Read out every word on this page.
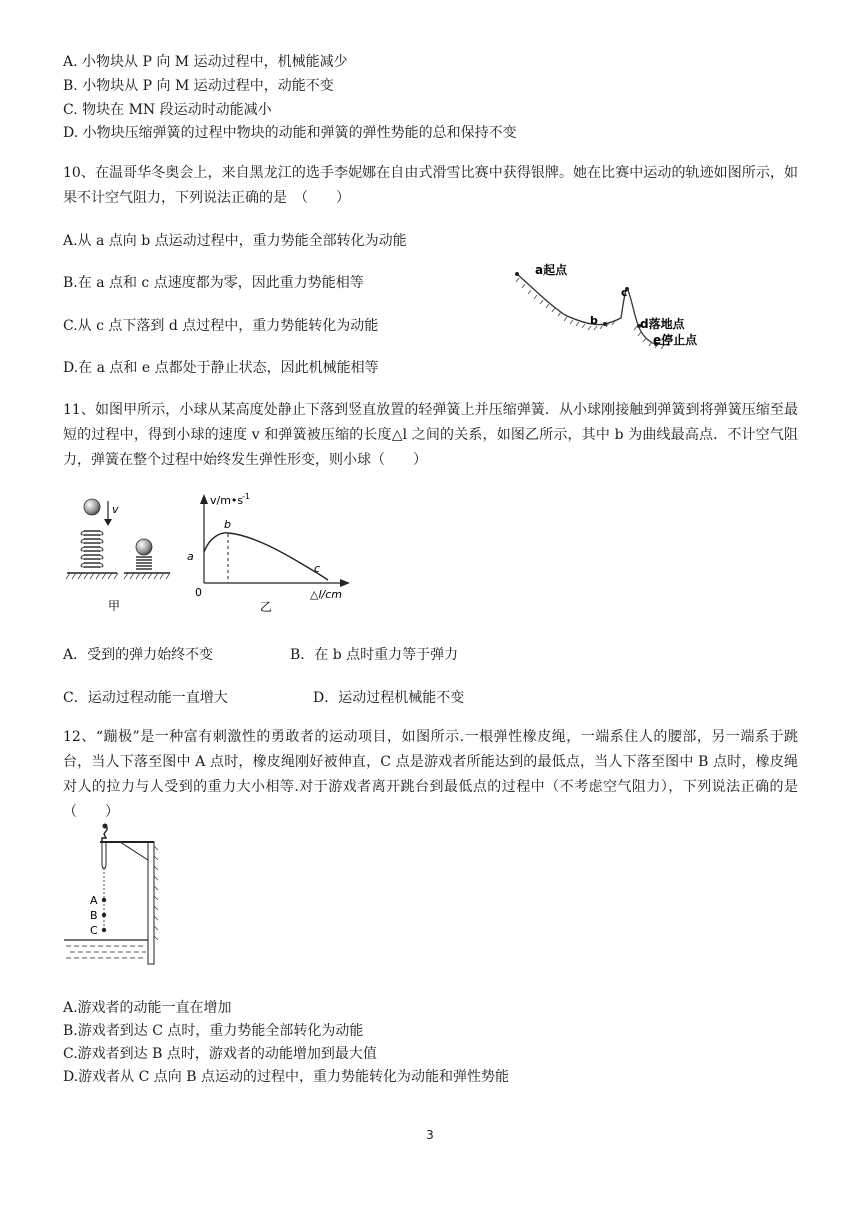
A. 小物块从 P 向 M 运动过程中，机械能减少
B. 小物块从 P 向 M 运动过程中，动能不变
C. 物块在 MN 段运动时动能减小
D. 小物块压缩弹簧的过程中物块的动能和弹簧的弹性势能的总和保持不变
10、在温哥华冬奥会上，来自黑龙江的选手李妮娜在自由式滑雪比赛中获得银牌。她在比赛中运动的轨迹如图所示，如果不计空气阻力，下列说法正确的是　（　　）
A.从 a 点向 b 点运动过程中，重力势能全部转化为动能
B.在 a 点和 c 点速度都为零，因此重力势能相等
C.从 c 点下落到 d 点过程中，重力势能转化为动能
D.在 a 点和 e 点都处于静止状态，因此机械能相等
a起点
b
c
d落地点
e停止点
11、如图甲所示，小球从某高度处静止下落到竖直放置的轻弹簧上并压缩弹簧．从小球刚接触到弹簧到将弹簧压缩至最短的过程中，得到小球的速度 v 和弹簧被压缩的长度△l 之间的关系，如图乙所示，其中 b 为曲线最高点．不计空气阻力，弹簧在整个过程中始终发生弹性形变，则小球（　　）
v
甲
v/m•s
-1
△l/cm
0
a
b
c
乙
A．受到的弹力始终不变	B．在 b 点时重力等于弹力
C．运动过程动能一直增大	D．运动过程机械能不变
12、“蹦极”是一种富有刺激性的勇敢者的运动项目，如图所示.一根弹性橡皮绳，一端系住人的腰部，另一端系于跳台，当人下落至图中 A 点时，橡皮绳刚好被伸直，C 点是游戏者所能达到的最低点，当人下落至图中 B 点时，橡皮绳对人的拉力与人受到的重力大小相等.对于游戏者离开跳台到最低点的过程中（不考虑空气阻力），下列说法正确的是（　　）
A
B
C
A.游戏者的动能一直在增加
B.游戏者到达 C 点时，重力势能全部转化为动能
C.游戏者到达 B 点时，游戏者的动能增加到最大值
D.游戏者从 C 点向 B 点运动的过程中，重力势能转化为动能和弹性势能
3
